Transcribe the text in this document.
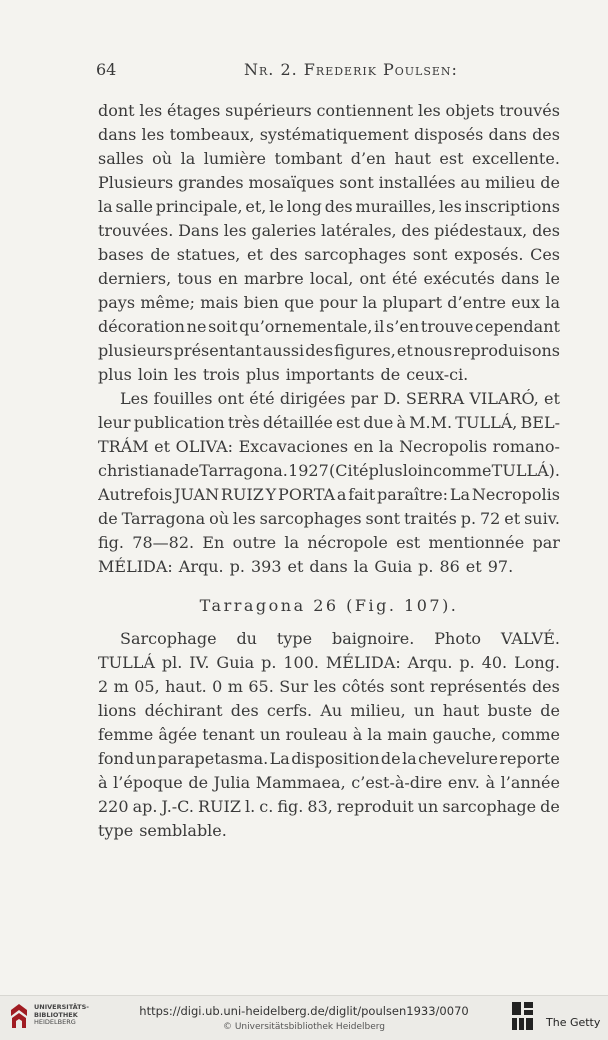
64	Nr. 2. Frederik Poulsen:
dont les étages supérieurs contiennent les objets trouvés
dans les tombeaux, systématiquement disposés dans des
salles où la lumière tombant d’en haut est excellente.
Plusieurs grandes mosaïques sont installées au milieu de
la salle principale, et, le long des murailles, les inscriptions
trouvées. Dans les galeries latérales, des piédestaux, des
bases de statues, et des sarcophages sont exposés. Ces
derniers, tous en marbre local, ont été exécutés dans le
pays même; mais bien que pour la plupart d’entre eux la
décoration ne soit qu’ornementale, il s’en trouve cependant
plusieurs présentant aussi des figures, et nous reproduisons
plus loin les trois plus importants de ceux-ci.
Les fouilles ont été dirigées par D. SERRA VILARÓ, et
leur publication très détaillée est due à M.M. TULLÁ, BEL-
TRÁM et OLIVA: Excavaciones en la Necropolis romano-
christiana de Tarragona. 1927 (Cité plus loin comme TULLÁ).
Autrefois JUAN RUIZ Y PORTA a fait paraître: La Necropolis
de Tarragona où les sarcophages sont traités p. 72 et suiv.
fig. 78—82. En outre la nécropole est mentionnée par
MÉLIDA: Arqu. p. 393 et dans la Guia p. 86 et 97.
Tarragona 26 (Fig. 107).
Sarcophage du type baignoire. Photo VALVÉ.
TULLÁ pl. IV. Guia p. 100. MÉLIDA: Arqu. p. 40. Long.
2 m 05, haut. 0 m 65. Sur les côtés sont représentés des
lions déchirant des cerfs. Au milieu, un haut buste de
femme âgée tenant un rouleau à la main gauche, comme
fond un parapetasma. La disposition de la chevelure reporte
à l’époque de Julia Mammaea, c’est-à-dire env. à l’année
220 ap. J.-C. RUIZ l. c. fig. 83, reproduit un sarcophage de
type semblable.
UNIVERSITÄTS-
BIBLIOTHEK
HEIDELBERG
https://digi.ub.uni-heidelberg.de/diglit/poulsen1933/0070
© Universitätsbibliothek Heidelberg	The Getty
